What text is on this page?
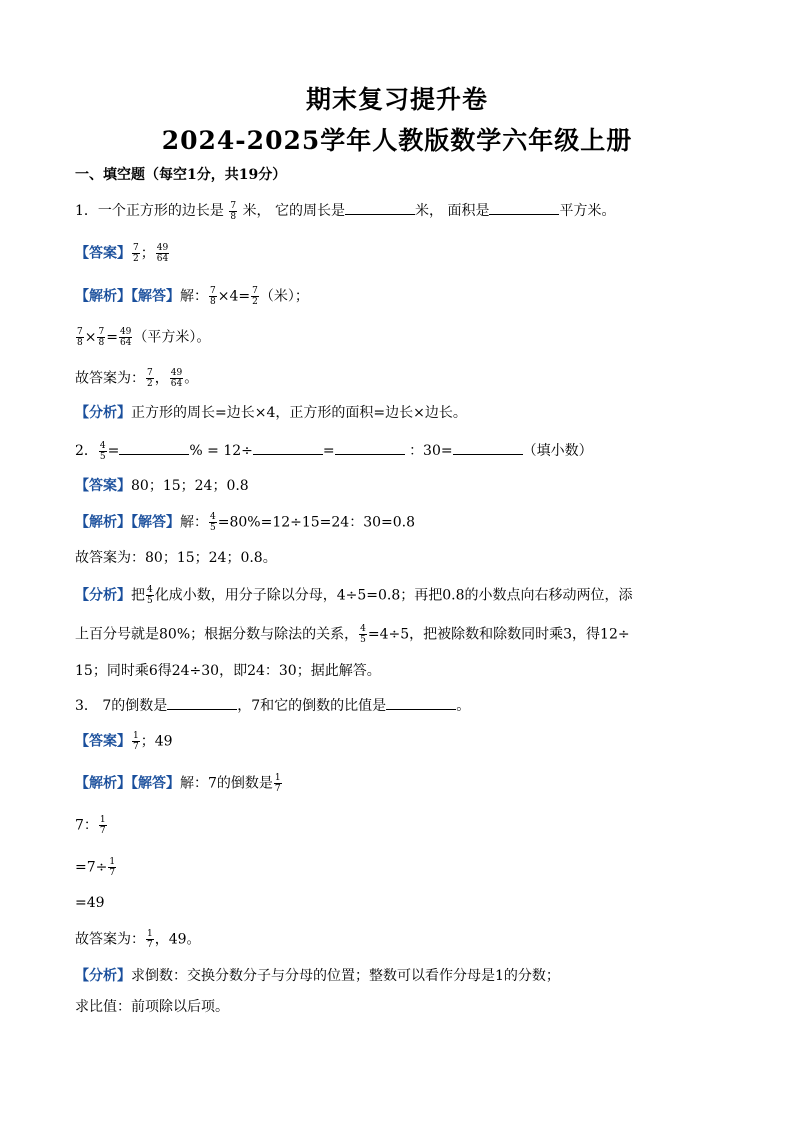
期末复习提升卷
2024-2025学年人教版数学六年级上册
一、填空题（每空1分，共19分）
1．一个正方形的边长是 $\frac{7}{8}$ 米， 它的周长是	米， 面积是	平方米。
【答案】 $\frac{7}{2}$ ； $\frac{49}{64}$
【解析】【解答】解： $\frac{7}{8} \times 4= \frac{7}{2}$ （米）；
$\frac{7}{8} \times \frac{7}{8} = \frac{49}{64}$ （平方米）。
故答案为： $\frac{7}{2}$ ， $\frac{49}{64}$ 。
【分析】正方形的周长=边长×4，正方形的面积=边长×边长。
2． $\frac{4}{5}$ =	% = 12÷	=	：30=	（填小数）
【答案】80；15；24；0.8
【解析】【解答】解： $\frac{4}{5} =80\%=12\div 15=24$：30=0.8
故答案为：80；15；24；0.8。
【分析】把 $\frac{4}{5}$ 化成小数，用分子除以分母，4÷5=0.8；再把0.8的小数点向右移动两位，添
上百分号就是80%；根据分数与除法的关系， $\frac{4}{5} =4\div 5$，把被除数和除数同时乘3，得12÷
15；同时乘6得24÷30，即24：30；据此解答。
3． 7的倒数是	，7和它的倒数的比值是	。
【答案】 $\frac{1}{7}$ ；49
【解析】【解答】解：7的倒数是 $\frac{1}{7}$
7： $\frac{1}{7}$
$=7\div \frac{1}{7}$
=49
故答案为： $\frac{1}{7}$ ，49。
【分析】求倒数：交换分数分子与分母的位置；整数可以看作分母是1的分数；
求比值：前项除以后项。
